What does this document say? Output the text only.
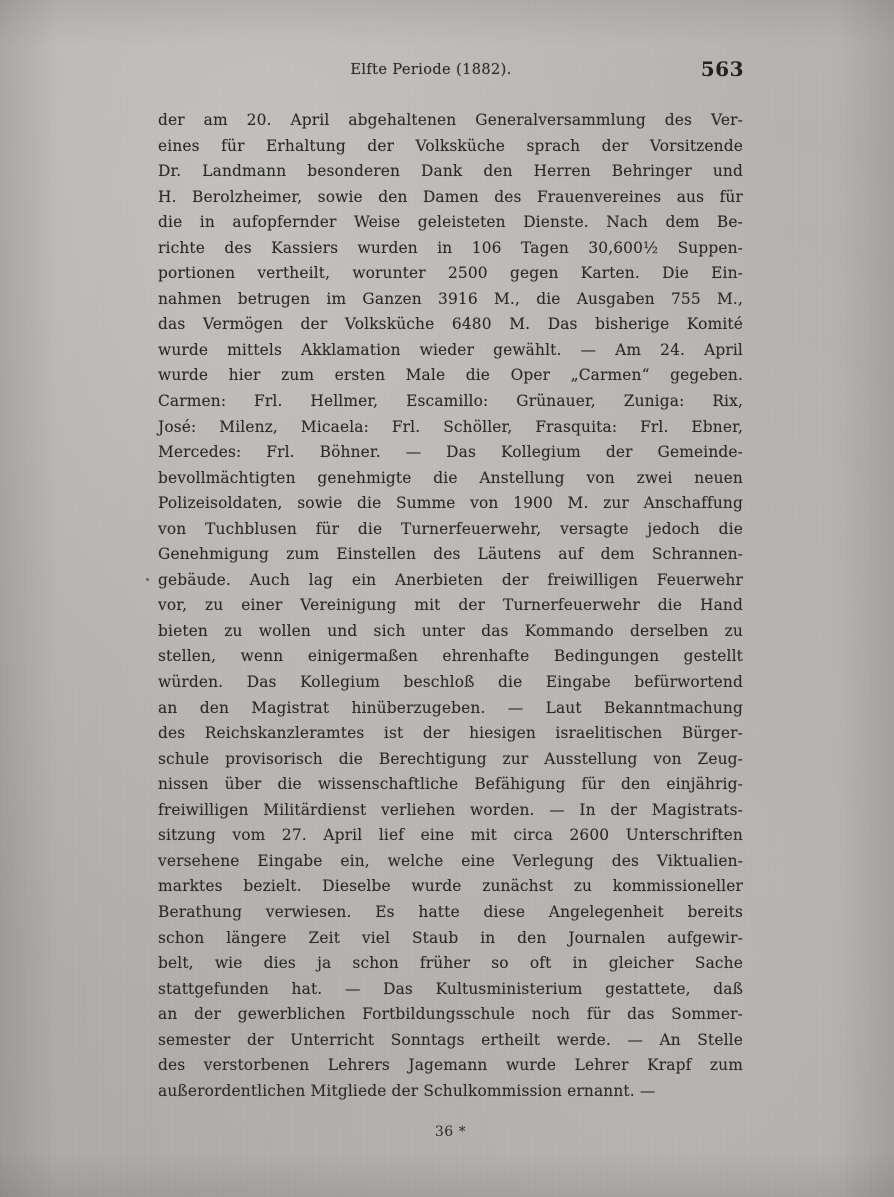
Elfte Periode (1882).	563
der am 20. April abgehaltenen Generalversammlung des Ver-
eines für Erhaltung der Volksküche sprach der Vorsitzende
Dr. Landmann besonderen Dank den Herren Behringer und
H. Berolzheimer, sowie den Damen des Frauenvereines aus für
die in aufopfernder Weise geleisteten Dienste. Nach dem Be-
richte des Kassiers wurden in 106 Tagen 30,600½ Suppen-
portionen vertheilt, worunter 2500 gegen Karten. Die Ein-
nahmen betrugen im Ganzen 3916 M., die Ausgaben 755 M.,
das Vermögen der Volksküche 6480 M. Das bisherige Komité
wurde mittels Akklamation wieder gewählt. — Am 24. April
wurde hier zum ersten Male die Oper „Carmen“ gegeben.
Carmen: Frl. Hellmer, Escamillo: Grünauer, Zuniga: Rix,
José: Milenz, Micaela: Frl. Schöller, Frasquita: Frl. Ebner,
Mercedes: Frl. Böhner. — Das Kollegium der Gemeinde-
bevollmächtigten genehmigte die Anstellung von zwei neuen
Polizeisoldaten, sowie die Summe von 1900 M. zur Anschaffung
von Tuchblusen für die Turnerfeuerwehr, versagte jedoch die
Genehmigung zum Einstellen des Läutens auf dem Schrannen-
gebäude. Auch lag ein Anerbieten der freiwilligen Feuerwehr
vor, zu einer Vereinigung mit der Turnerfeuerwehr die Hand
bieten zu wollen und sich unter das Kommando derselben zu
stellen, wenn einigermaßen ehrenhafte Bedingungen gestellt
würden. Das Kollegium beschloß die Eingabe befürwortend
an den Magistrat hinüberzugeben. — Laut Bekanntmachung
des Reichskanzleramtes ist der hiesigen israelitischen Bürger-
schule provisorisch die Berechtigung zur Ausstellung von Zeug-
nissen über die wissenschaftliche Befähigung für den einjährig-
freiwilligen Militärdienst verliehen worden. — In der Magistrats-
sitzung vom 27. April lief eine mit circa 2600 Unterschriften
versehene Eingabe ein, welche eine Verlegung des Viktualien-
marktes bezielt. Dieselbe wurde zunächst zu kommissioneller
Berathung verwiesen. Es hatte diese Angelegenheit bereits
schon längere Zeit viel Staub in den Journalen aufgewir-
belt, wie dies ja schon früher so oft in gleicher Sache
stattgefunden hat. — Das Kultusministerium gestattete, daß
an der gewerblichen Fortbildungsschule noch für das Sommer-
semester der Unterricht Sonntags ertheilt werde. — An Stelle
des verstorbenen Lehrers Jagemann wurde Lehrer Krapf zum
außerordentlichen Mitgliede der Schulkommission ernannt. —
36 *
